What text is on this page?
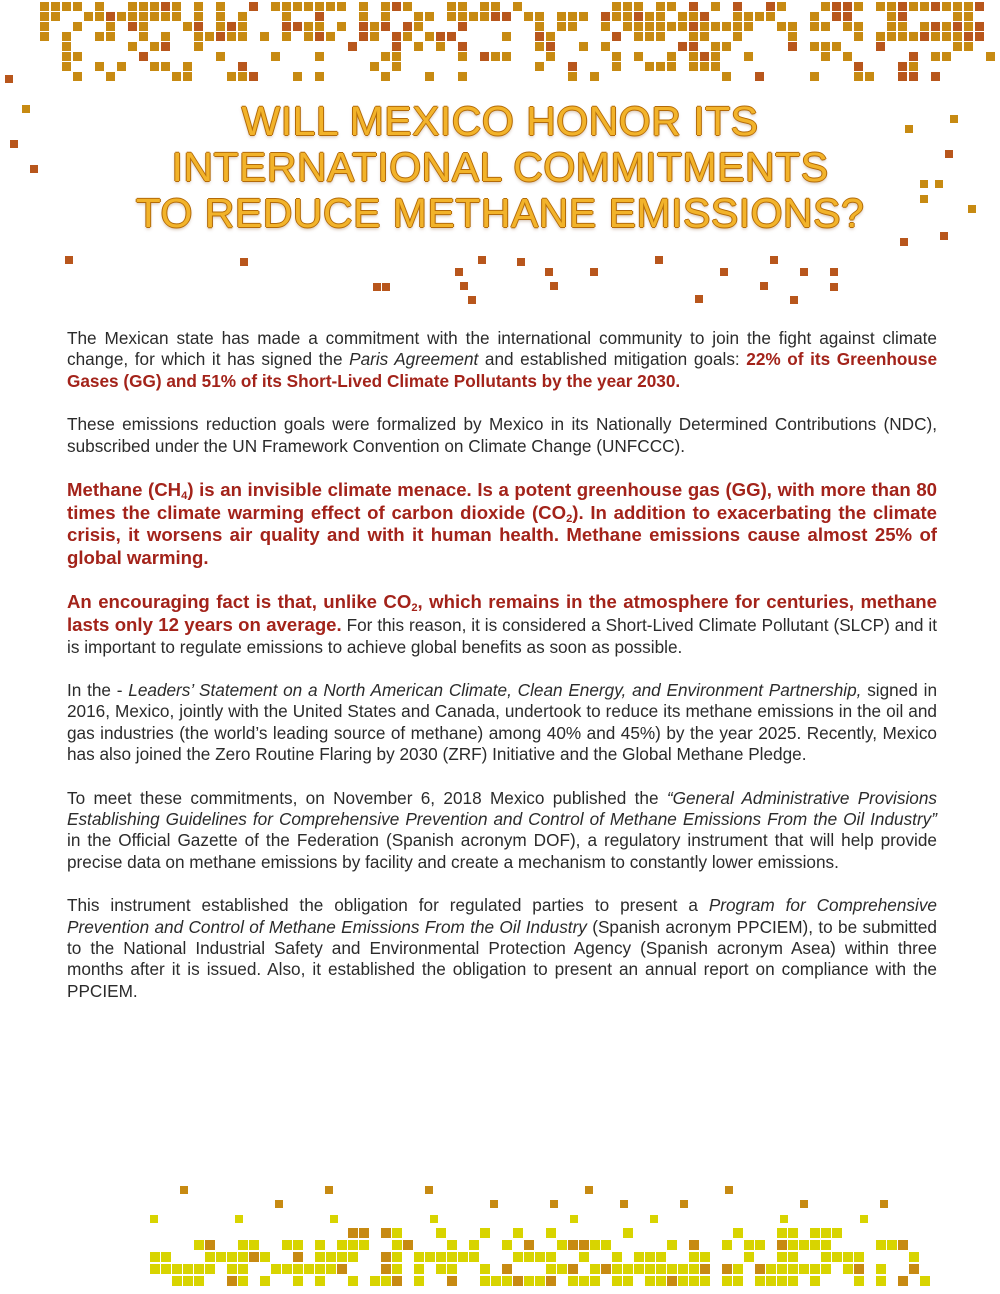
WILL MEXICO HONOR ITS
INTERNATIONAL COMMITMENTS
TO REDUCE METHANE EMISSIONS?

The Mexican state has made a commitment with the international community to join the fight against climate change, for which it has signed the Paris Agreement and established mitigation goals: 22% of its Greenhouse Gases (GG) and 51% of its Short-Lived Climate Pollutants by the year 2030.

These emissions reduction goals were formalized by Mexico in its Nationally Determined Contributions (NDC), subscribed under the UN Framework Convention on Climate Change (UNFCCC).

Methane $(CH_4)$ is an invisible climate menace. Is a potent greenhouse gas (GG), with more than 80 times the climate warming effect of carbon dioxide $(CO_2)$. In addition to exacerbating the climate crisis, it worsens air quality and with it human health. Methane emissions cause almost 25% of global warming.

An encouraging fact is that, unlike $CO_2$, which remains in the atmosphere for centuries, methane lasts only 12 years on average. For this reason, it is considered a Short-Lived Climate Pollutant (SLCP) and it is important to regulate emissions to achieve global benefits as soon as possible.

In the - Leaders’ Statement on a North American Climate, Clean Energy, and Environment Partnership, signed in 2016, Mexico, jointly with the United States and Canada, undertook to reduce its methane emissions in the oil and gas industries (the world’s leading source of methane) among 40% and 45%) by the year 2025. Recently, Mexico has also joined the Zero Routine Flaring by 2030 (ZRF) Initiative and the Global Methane Pledge.

To meet these commitments, on November 6, 2018 Mexico published the “General Administrative Provisions Establishing Guidelines for Comprehensive Prevention and Control of Methane Emissions From the Oil Industry” in the Official Gazette of the Federation (Spanish acronym DOF), a regulatory instrument that will help provide precise data on methane emissions by facility and create a mechanism to constantly lower emissions.

This instrument established the obligation for regulated parties to present a Program for Comprehensive Prevention and Control of Methane Emissions From the Oil Industry (Spanish acronym PPCIEM), to be submitted to the National Industrial Safety and Environmental Protection Agency (Spanish acronym Asea) within three months after it is issued. Also, it established the obligation to present an annual report on compliance with the PPCIEM.
